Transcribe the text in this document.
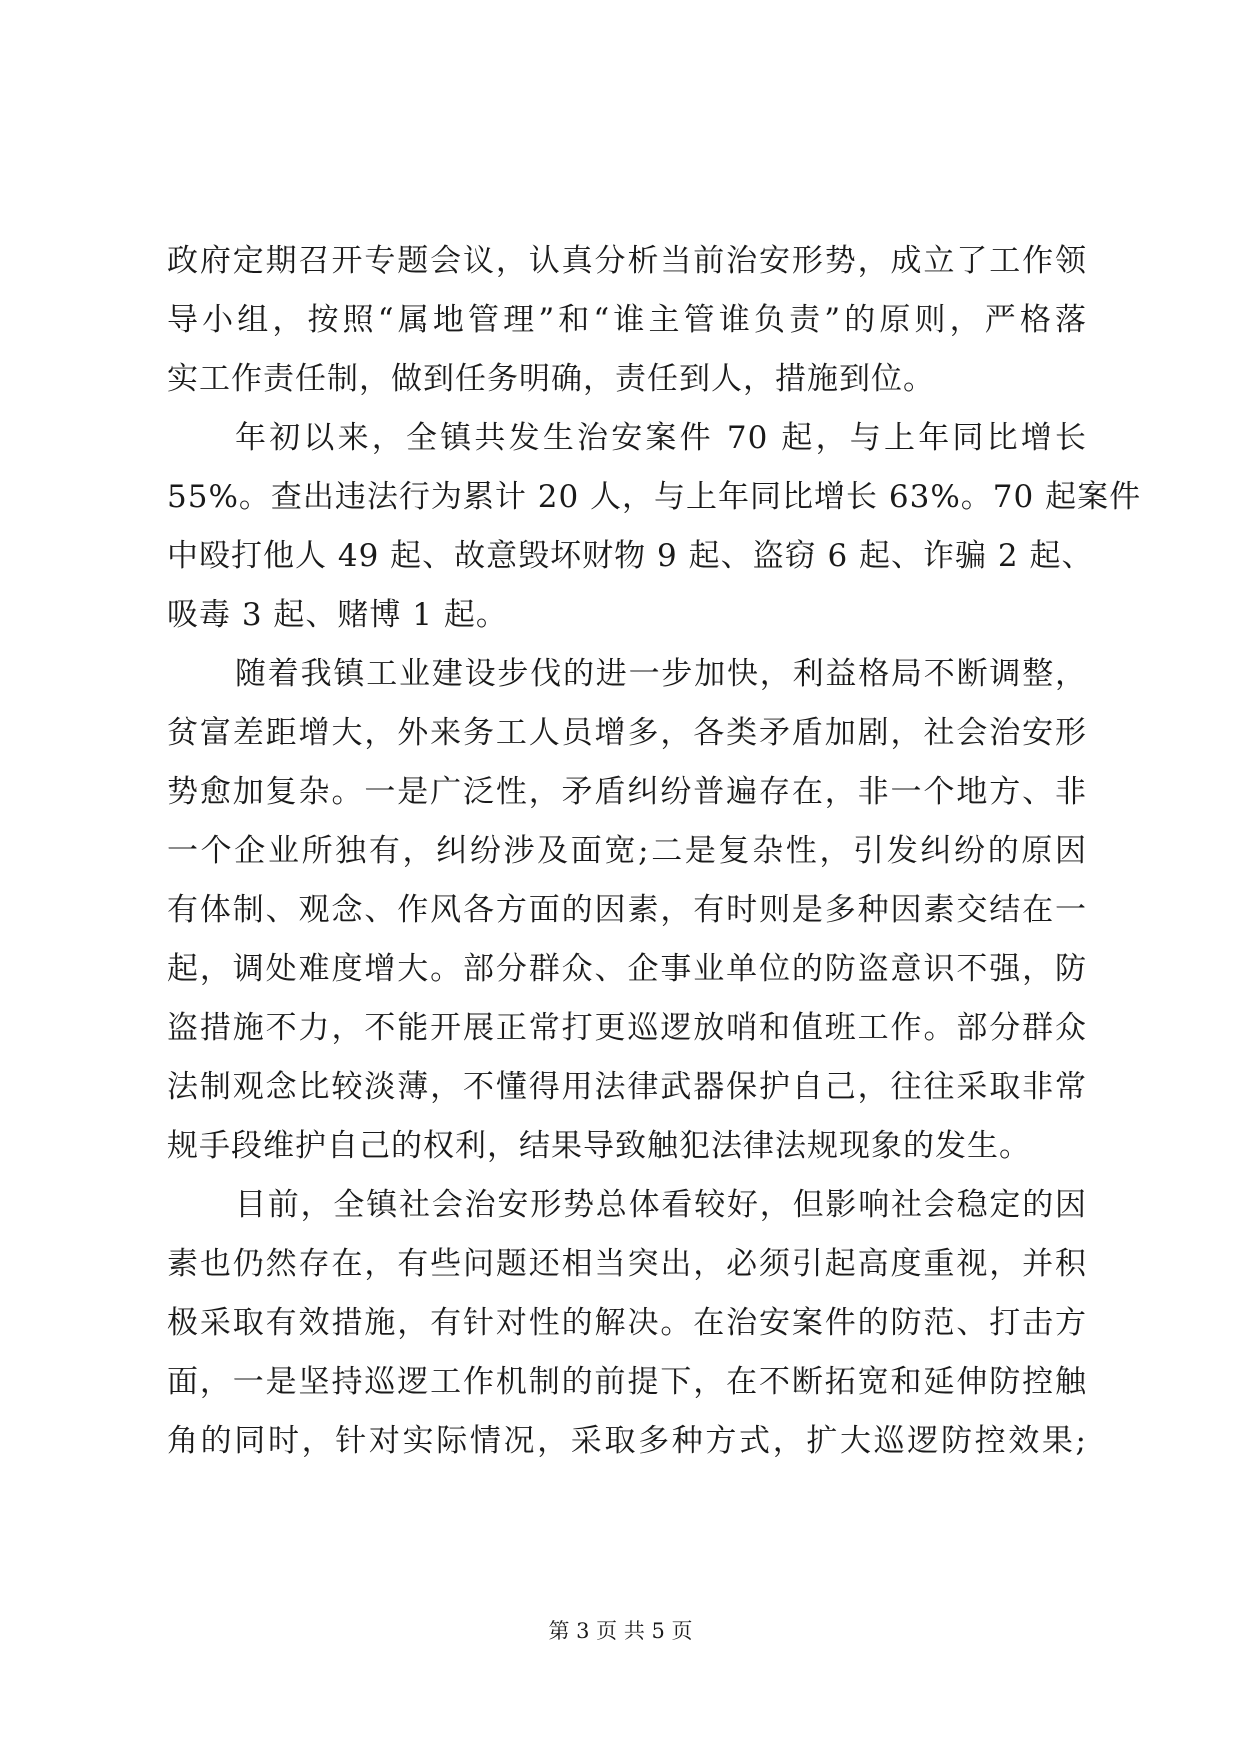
政府定期召开专题会议，认真分析当前治安形势，成立了工作领
导小组，按照“属地管理”和“谁主管谁负责”的原则，严格落
实工作责任制，做到任务明确，责任到人，措施到位。
年初以来，全镇共发生治安案件 70 起，与上年同比增长
55%。查出违法行为累计 20 人，与上年同比增长 63%。70 起案件
中殴打他人 49 起、故意毁坏财物 9 起、盗窃 6 起、诈骗 2 起、
吸毒 3 起、赌博 1 起。
随着我镇工业建设步伐的进一步加快，利益格局不断调整，
贫富差距增大，外来务工人员增多，各类矛盾加剧，社会治安形
势愈加复杂。一是广泛性，矛盾纠纷普遍存在，非一个地方、非
一个企业所独有，纠纷涉及面宽;二是复杂性，引发纠纷的原因
有体制、观念、作风各方面的因素，有时则是多种因素交结在一
起，调处难度增大。部分群众、企事业单位的防盗意识不强，防
盗措施不力，不能开展正常打更巡逻放哨和值班工作。部分群众
法制观念比较淡薄，不懂得用法律武器保护自己，往往采取非常
规手段维护自己的权利，结果导致触犯法律法规现象的发生。
目前，全镇社会治安形势总体看较好，但影响社会稳定的因
素也仍然存在，有些问题还相当突出，必须引起高度重视，并积
极采取有效措施，有针对性的解决。在治安案件的防范、打击方
面，一是坚持巡逻工作机制的前提下，在不断拓宽和延伸防控触
角的同时，针对实际情况，采取多种方式，扩大巡逻防控效果;
第 3 页 共 5 页
